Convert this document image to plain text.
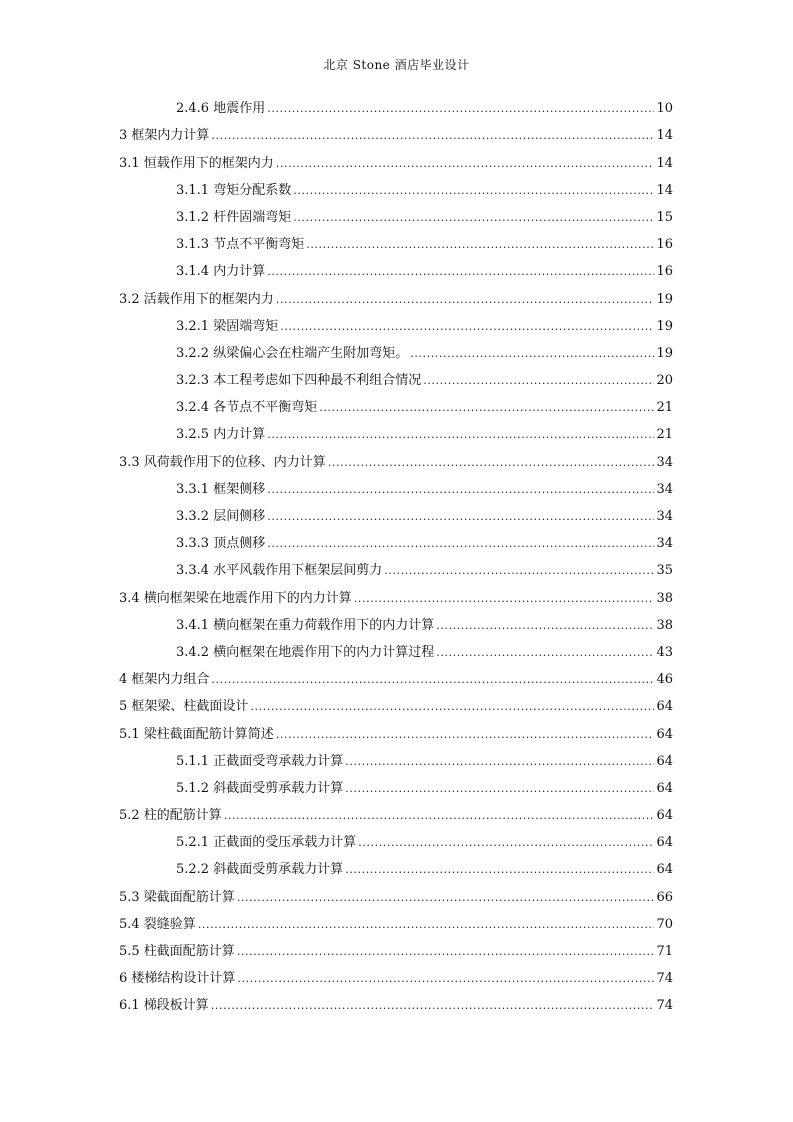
北京 Stone 酒店毕业设计
2.4.6 地震作用 .....	10
3 框架内力计算 .....	14
3.1 恒载作用下的框架内力 .....	14
3.1.1 弯矩分配系数 .....	14
3.1.2 杆件固端弯矩 .....	15
3.1.3 节点不平衡弯矩 .....	16
3.1.4 内力计算 .....	16
3.2 活载作用下的框架内力 .....	19
3.2.1 梁固端弯矩 .....	19
3.2.2 纵梁偏心会在柱端产生附加弯矩。 .....	19
3.2.3 本工程考虑如下四种最不利组合情况 .....	20
3.2.4 各节点不平衡弯矩 .....	21
3.2.5 内力计算 .....	21
3.3 风荷载作用下的位移、内力计算 .....	34
3.3.1 框架侧移 .....	34
3.3.2 层间侧移 .....	34
3.3.3 顶点侧移 .....	34
3.3.4 水平风载作用下框架层间剪力 .....	35
3.4 横向框架梁在地震作用下的内力计算 .....	38
3.4.1 横向框架在重力荷载作用下的内力计算 .....	38
3.4.2 横向框架在地震作用下的内力计算过程 .....	43
4 框架内力组合 .....	46
5 框架梁、柱截面设计 .....	64
5.1 梁柱截面配筋计算简述 .....	64
5.1.1 正截面受弯承载力计算 .....	64
5.1.2 斜截面受剪承载力计算 .....	64
5.2 柱的配筋计算 .....	64
5.2.1 正截面的受压承载力计算 .....	64
5.2.2 斜截面受剪承载力计算 .....	64
5.3 梁截面配筋计算 .....	66
5.4 裂缝验算 .....	70
5.5 柱截面配筋计算 .....	71
6 楼梯结构设计计算 .....	74
6.1 梯段板计算 .....	74
